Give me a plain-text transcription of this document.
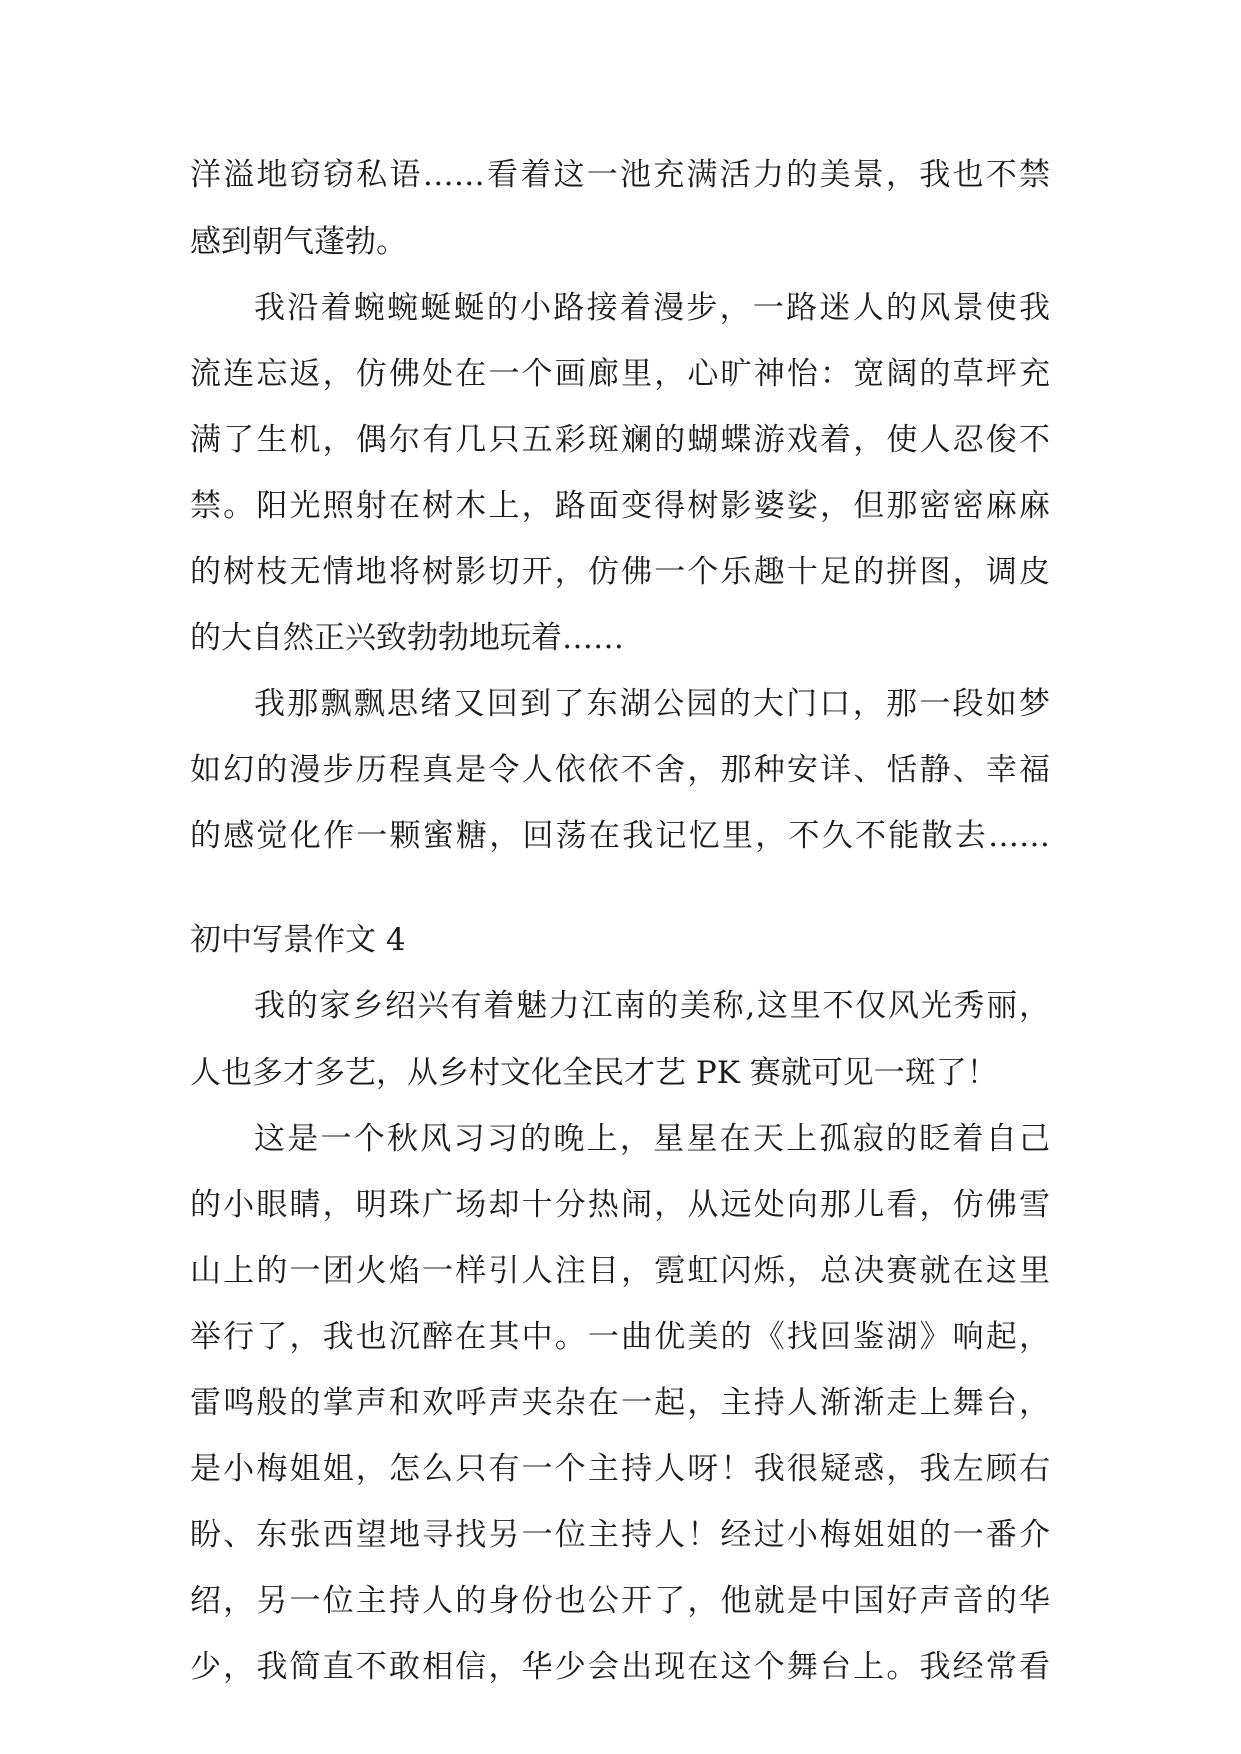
洋溢地窃窃私语……看着这一池充满活力的美景，我也不禁

感到朝气蓬勃。

我沿着蜿蜿蜒蜒的小路接着漫步，一路迷人的风景使我

流连忘返，仿佛处在一个画廊里，心旷神怡：宽阔的草坪充

满了生机，偶尔有几只五彩斑斓的蝴蝶游戏着，使人忍俊不

禁。阳光照射在树木上，路面变得树影婆娑，但那密密麻麻

的树枝无情地将树影切开，仿佛一个乐趣十足的拼图，调皮

的大自然正兴致勃勃地玩着……

我那飘飘思绪又回到了东湖公园的大门口，那一段如梦

如幻的漫步历程真是令人依依不舍，那种安详、恬静、幸福

的感觉化作一颗蜜糖，回荡在我记忆里，不久不能散去……

初中写景作文 4

我的家乡绍兴有着魅力江南的美称,这里不仅风光秀丽，

人也多才多艺，从乡村文化全民才艺 PK 赛就可见一斑了！

这是一个秋风习习的晚上，星星在天上孤寂的眨着自己

的小眼睛，明珠广场却十分热闹，从远处向那儿看，仿佛雪

山上的一团火焰一样引人注目，霓虹闪烁，总决赛就在这里

举行了，我也沉醉在其中。一曲优美的《找回鉴湖》响起，

雷鸣般的掌声和欢呼声夹杂在一起，主持人渐渐走上舞台，

是小梅姐姐，怎么只有一个主持人呀！我很疑惑，我左顾右

盼、东张西望地寻找另一位主持人！经过小梅姐姐的一番介

绍，另一位主持人的身份也公开了，他就是中国好声音的华

少，我简直不敢相信，华少会出现在这个舞台上。我经常看
